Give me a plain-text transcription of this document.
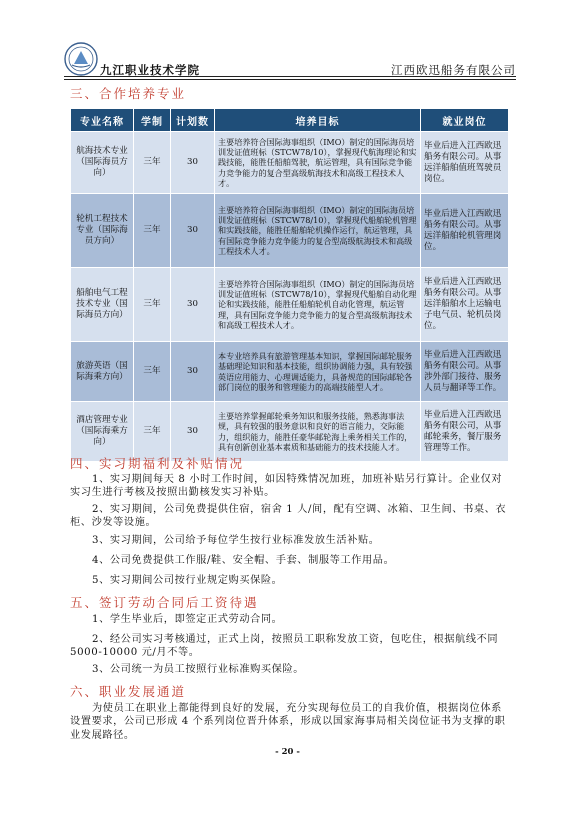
九江职业技术学院	江西欧迅船务有限公司
三、合作培养专业
专业名称	学制	计划数	培养目标	就业岗位
航海技术专业（国际海员方向）	三年	30	主要培养符合国际海事组织（IMO）制定的国际海员培训发证值班标（STCW78/10），掌握现代航海理论和实践技能，能胜任船舶驾驶，航运管理，具有国际竞争能力竞争能力的复合型高级航海技术和高级工程技术人才。	毕业后进入江西欧迅船务有限公司。从事远洋船舶值班驾驶员岗位。
轮机工程技术专业（国际海员方向）	三年	30	主要培养符合国际海事组织（IMO）制定的国际海员培训发证值班标（STCW78/10），掌握现代船舶轮机管理和实践技能，能胜任船舶轮机操作运行，航运管理，具有国际竞争能力竞争能力的复合型高级航海技术和高级工程技术人才。	毕业后进入江西欧迅船务有限公司。从事远洋船舶轮机管理岗位。
船舶电气工程技术专业（国际海员方向）	三年	30	主要培养符合国际海事组织（IMO）制定的国际海员培训发证值班标（STCW78/10），掌握现代船舶自动化理论和实践技能，能胜任船舶轮机自动化管理，航运管理，具有国际竞争能力竞争能力的复合型高级航海技术和高级工程技术人才。	毕业后进入江西欧迅船务有限公司。从事远洋船舶水上运输电子电气员、轮机员岗位。
旅游英语（国际海乘方向）	三年	30	本专业培养具有旅游管理基本知识，掌握国际邮轮服务基础理论知识和基本技能，组织协调能力强，具有较强英语应用能力、心理调适能力，具备规范的国际邮轮各部门岗位的服务和管理能力的高端技能型人才。	毕业后进入江西欧迅船务有限公司。从事涉外部门接待、服务人员与翻译等工作。
酒店管理专业（国际海乘方向）	三年	30	主要培养掌握邮轮乘务知识和服务技能，熟悉海事法规，具有较强的服务意识和良好的语言能力，交际能力，组织能力，能胜任豪华邮轮海上乘务相关工作的，具有创新创业基本素质和基础能力的技术技能人才。	毕业后进入江西欧迅船务有限公司，从事邮轮乘务，餐厅服务管理等工作。
四、实习期福利及补贴情况
1、实习期间每天 8 小时工作时间，如因特殊情况加班，加班补贴另行算计。企业仅对实习生进行考核及按照出勤核发实习补贴。
2、实习期间，公司免费提供住宿，宿舍 1 人/间，配有空调、冰箱、卫生间、书桌、衣柜、沙发等设施。
3、实习期间，公司给予每位学生按行业标准发放生活补贴。
4、公司免费提供工作服/鞋、安全帽、手套、制服等工作用品。
5、实习期间公司按行业规定购买保险。
五、签订劳动合同后工资待遇
1、学生毕业后，即签定正式劳动合同。
2、经公司实习考核通过，正式上岗，按照员工职称发放工资，包吃住，根据航线不同 5000-10000 元/月不等。
3、公司统一为员工按照行业标准购买保险。
六、职业发展通道
为使员工在职业上都能得到良好的发展，充分实现每位员工的自我价值，根据岗位体系设置要求，公司已形成 4 个系列岗位晋升体系，形成以国家海事局相关岗位证书为支撑的职业发展路径。
- 20 -
